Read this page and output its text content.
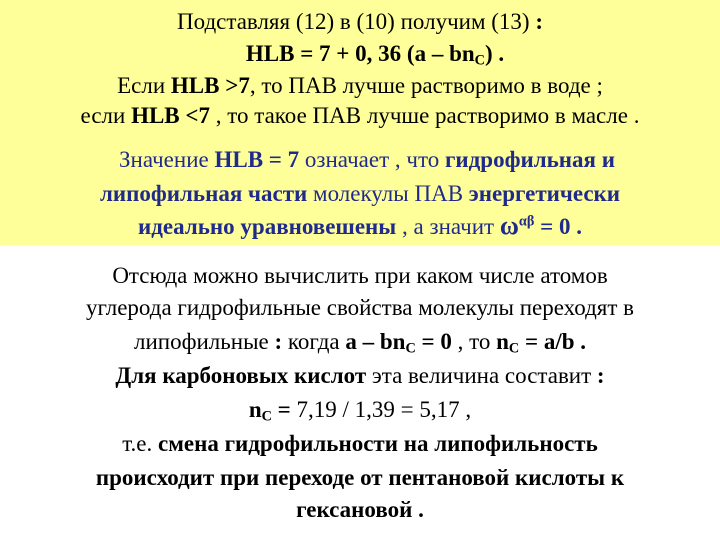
Подставляя (12) в (10) получим (13) :
HLB = 7 + 0, 36 $(a - bn_C)$ .
Если HLB >7, то ПАВ лучше растворимо в воде ;
если HLB <7 , то такое ПАВ лучше растворимо в масле .
Значение HLB = 7 означает , что гидрофильная и
липофильная части молекулы ПАВ энергетически
идеально уравновешены , а значит $\omega^{\alpha\beta} = 0$ .
Отсюда можно вычислить при каком числе атомов
углерода гидрофильные свойства молекулы переходят в
липофильные : когда $a - bn_C = 0$ , то $n_C = a/b$ .
Для карбоновых кислот эта величина составит :
$n_C = 7,19 / 1,39 = 5,17$ ,
т.е. смена гидрофильности на липофильность
происходит при переходе от пентановой кислоты к
гексановой .
